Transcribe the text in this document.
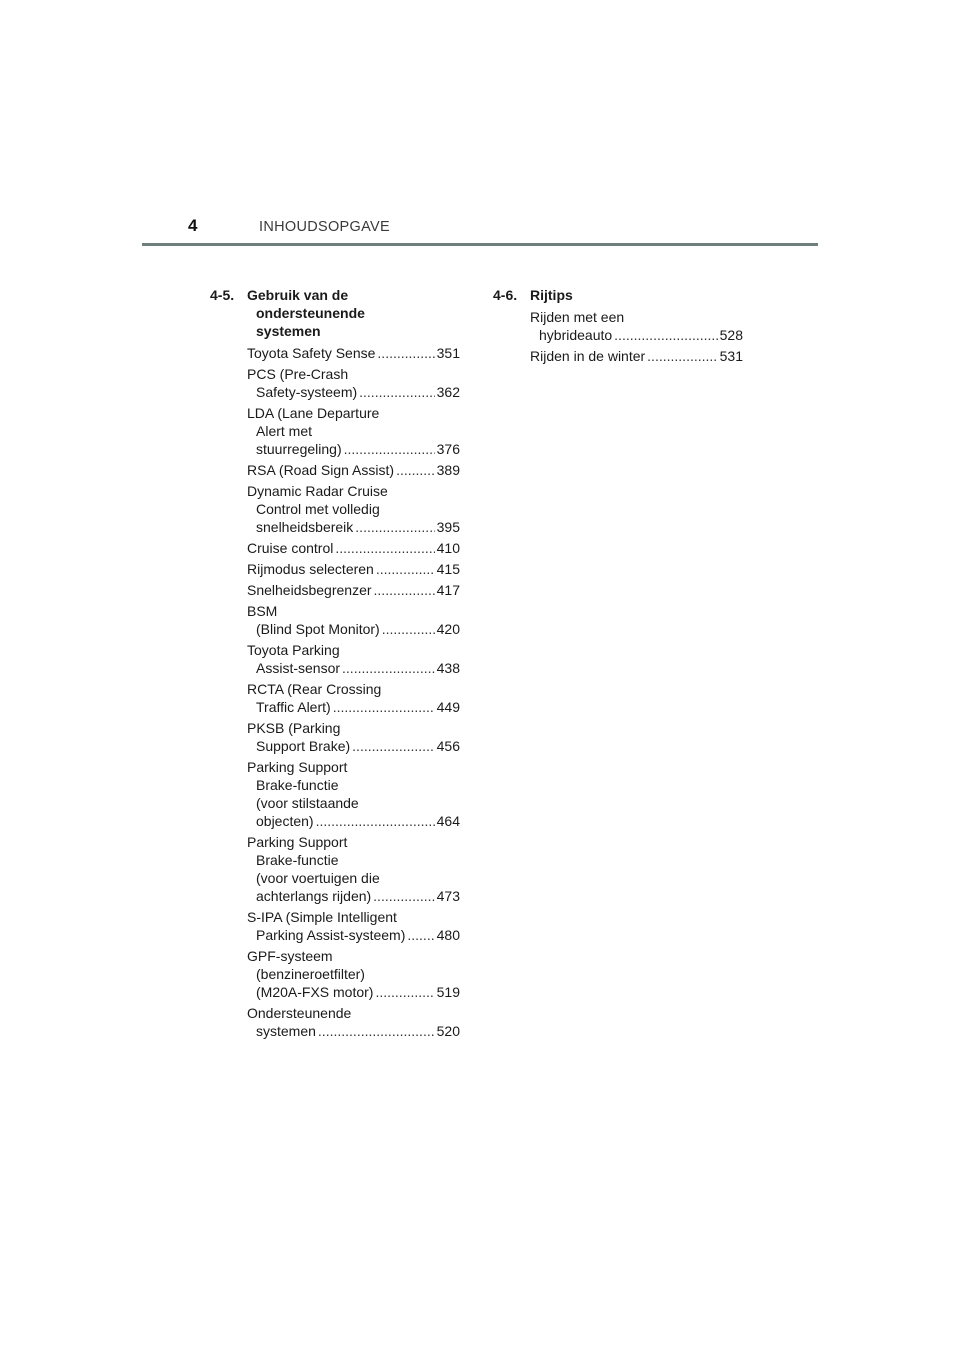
4	INHOUDSOPGAVE
4-5. Gebruik van de
ondersteunende
systemen
Toyota Safety Sense .....	351
PCS (Pre-Crash
Safety-systeem) .....	362
LDA (Lane Departure
Alert met
stuurregeling) .....	376
RSA (Road Sign Assist) .....	389
Dynamic Radar Cruise
Control met volledig
snelheidsbereik .....	395
Cruise control .....	410
Rijmodus selecteren .....	415
Snelheidsbegrenzer .....	417
BSM
(Blind Spot Monitor) .....	420
Toyota Parking
Assist-sensor .....	438
RCTA (Rear Crossing
Traffic Alert) .....	449
PKSB (Parking
Support Brake) .....	456
Parking Support
Brake-functie
(voor stilstaande
objecten) .....	464
Parking Support
Brake-functie
(voor voertuigen die
achterlangs rijden) .....	473
S-IPA (Simple Intelligent
Parking Assist-systeem) ..... 480
GPF-systeem
(benzineroetfilter)
(M20A-FXS motor) .....	519
Ondersteunende
systemen .....	520
4-6. Rijtips
Rijden met een
hybrideauto .....	528
Rijden in de winter .....	531
